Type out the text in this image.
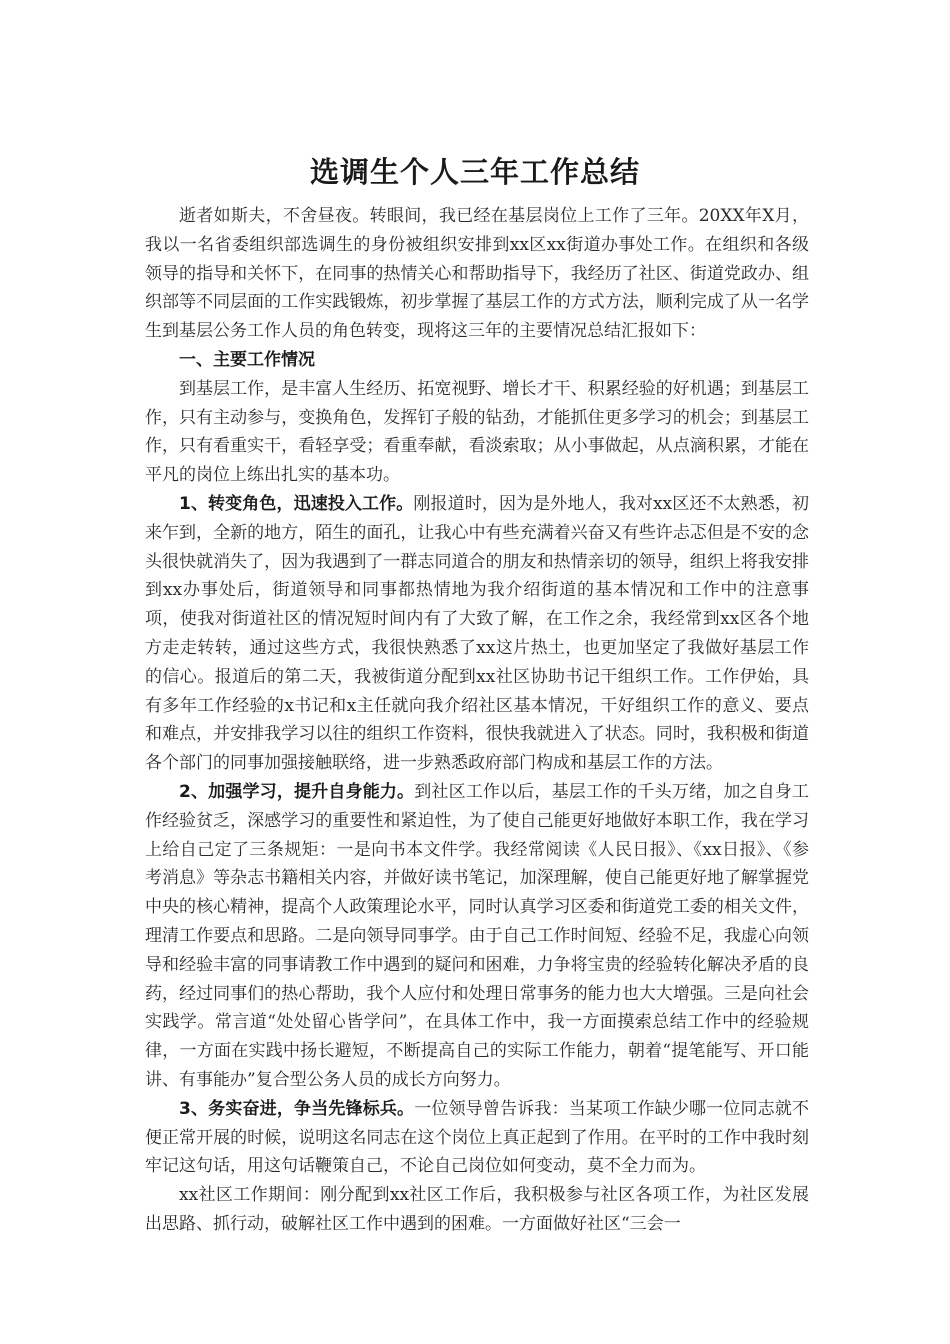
选调生个人三年工作总结

逝者如斯夫，不舍昼夜。转眼间，我已经在基层岗位上工作了三年。20XX年X月，我以一名省委组织部选调生的身份被组织安排到xx区xx街道办事处工作。在组织和各级领导的指导和关怀下，在同事的热情关心和帮助指导下，我经历了社区、街道党政办、组织部等不同层面的工作实践锻炼，初步掌握了基层工作的方式方法，顺利完成了从一名学生到基层公务工作人员的角色转变，现将这三年的主要情况总结汇报如下：

一、主要工作情况

到基层工作，是丰富人生经历、拓宽视野、增长才干、积累经验的好机遇；到基层工作，只有主动参与，变换角色，发挥钉子般的钻劲，才能抓住更多学习的机会；到基层工作，只有看重实干，看轻享受；看重奉献，看淡索取；从小事做起，从点滴积累，才能在平凡的岗位上练出扎实的基本功。

1、转变角色，迅速投入工作。刚报道时，因为是外地人，我对xx区还不太熟悉，初来乍到，全新的地方，陌生的面孔，让我心中有些充满着兴奋又有些许忐忑但是不安的念头很快就消失了，因为我遇到了一群志同道合的朋友和热情亲切的领导，组织上将我安排到xx办事处后，街道领导和同事都热情地为我介绍街道的基本情况和工作中的注意事项，使我对街道社区的情况短时间内有了大致了解，在工作之余，我经常到xx区各个地方走走转转，通过这些方式，我很快熟悉了xx这片热土，也更加坚定了我做好基层工作的信心。报道后的第二天，我被街道分配到xx社区协助书记干组织工作。工作伊始，具有多年工作经验的x书记和x主任就向我介绍社区基本情况，干好组织工作的意义、要点和难点，并安排我学习以往的组织工作资料，很快我就进入了状态。同时，我积极和街道各个部门的同事加强接触联络，进一步熟悉政府部门构成和基层工作的方法。

2、加强学习，提升自身能力。到社区工作以后，基层工作的千头万绪，加之自身工作经验贫乏，深感学习的重要性和紧迫性，为了使自己能更好地做好本职工作，我在学习上给自己定了三条规矩：一是向书本文件学。我经常阅读《人民日报》、《xx日报》、《参考消息》等杂志书籍相关内容，并做好读书笔记，加深理解，使自己能更好地了解掌握党中央的核心精神，提高个人政策理论水平，同时认真学习区委和街道党工委的相关文件，理清工作要点和思路。二是向领导同事学。由于自己工作时间短、经验不足，我虚心向领导和经验丰富的同事请教工作中遇到的疑问和困难，力争将宝贵的经验转化解决矛盾的良药，经过同事们的热心帮助，我个人应付和处理日常事务的能力也大大增强。三是向社会实践学。常言道“处处留心皆学问”，在具体工作中，我一方面摸索总结工作中的经验规律，一方面在实践中扬长避短，不断提高自己的实际工作能力，朝着“提笔能写、开口能讲、有事能办”复合型公务人员的成长方向努力。

3、务实奋进，争当先锋标兵。一位领导曾告诉我：当某项工作缺少哪一位同志就不便正常开展的时候，说明这名同志在这个岗位上真正起到了作用。在平时的工作中我时刻牢记这句话，用这句话鞭策自己，不论自己岗位如何变动，莫不全力而为。

xx社区工作期间：刚分配到xx社区工作后，我积极参与社区各项工作，为社区发展出思路、抓行动，破解社区工作中遇到的困难。一方面做好社区“三会一
